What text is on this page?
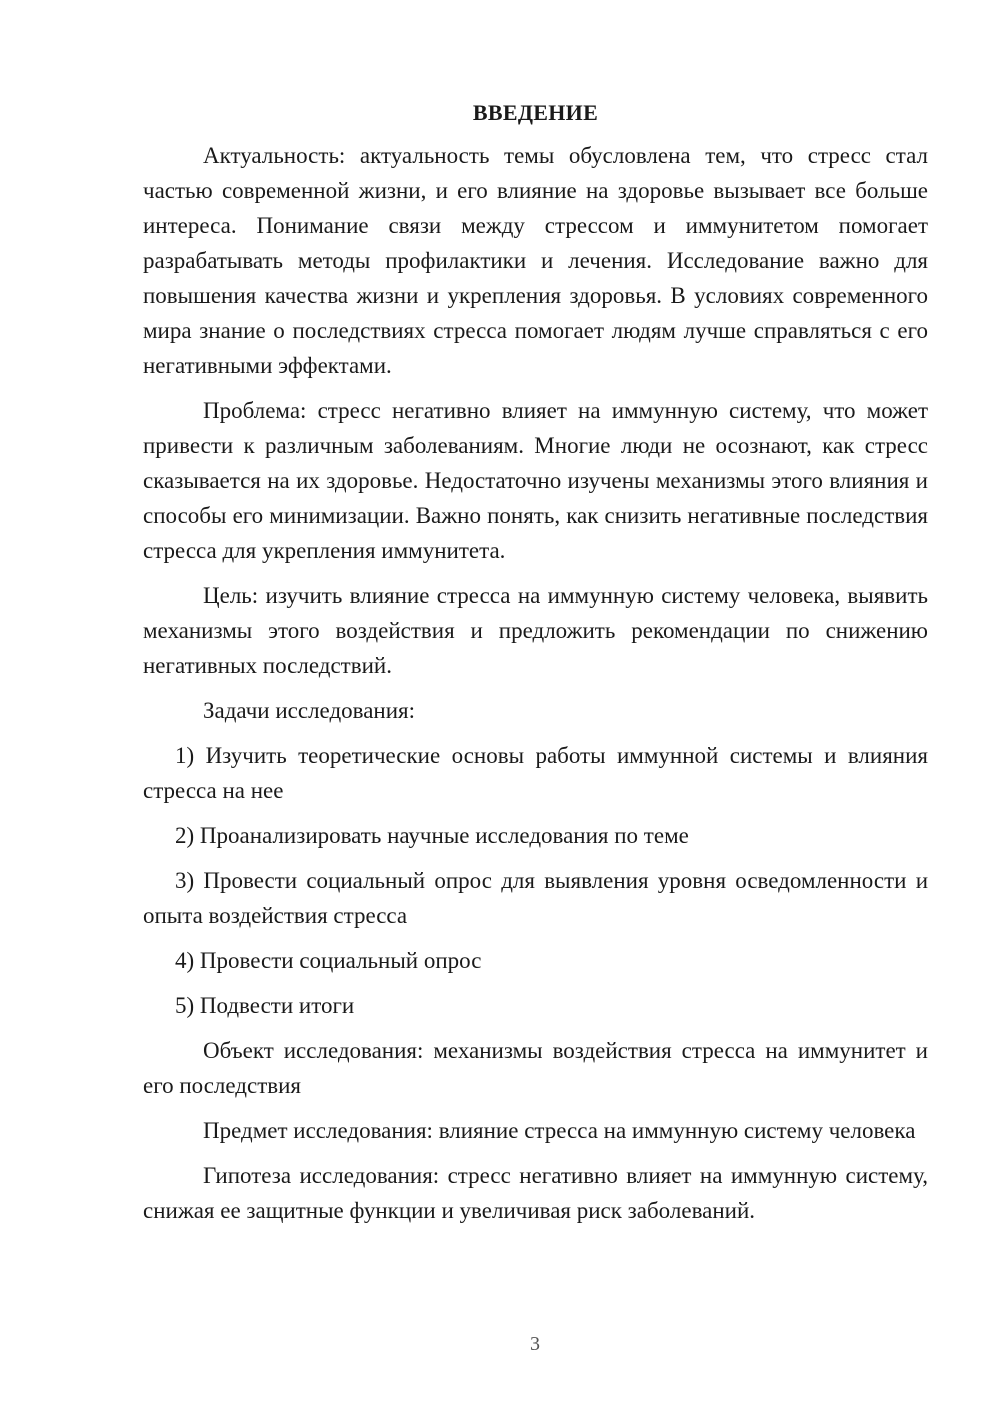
ВВЕДЕНИЕ

Актуальность: актуальность темы обусловлена тем, что стресс стал частью современной жизни, и его влияние на здоровье вызывает все больше интереса. Понимание связи между стрессом и иммунитетом помогает разрабатывать методы профилактики и лечения. Исследование важно для повышения качества жизни и укрепления здоровья. В условиях современного мира знание о последствиях стресса помогает людям лучше справляться с его негативными эффектами.

Проблема: стресс негативно влияет на иммунную систему, что может привести к различным заболеваниям. Многие люди не осознают, как стресс сказывается на их здоровье. Недостаточно изучены механизмы этого влияния и способы его минимизации. Важно понять, как снизить негативные последствия стресса для укрепления иммунитета.

Цель: изучить влияние стресса на иммунную систему человека, выявить механизмы этого воздействия и предложить рекомендации по снижению негативных последствий.

Задачи исследования:

1) Изучить теоретические основы работы иммунной системы и влияния стресса на нее

2) Проанализировать научные исследования по теме

3) Провести социальный опрос для выявления уровня осведомленности и опыта воздействия стресса

4) Провести социальный опрос

5) Подвести итоги

Объект исследования: механизмы воздействия стресса на иммунитет и его последствия

Предмет исследования: влияние стресса на иммунную систему человека

Гипотеза исследования: стресс негативно влияет на иммунную систему, снижая ее защитные функции и увеличивая риск заболеваний.

3
